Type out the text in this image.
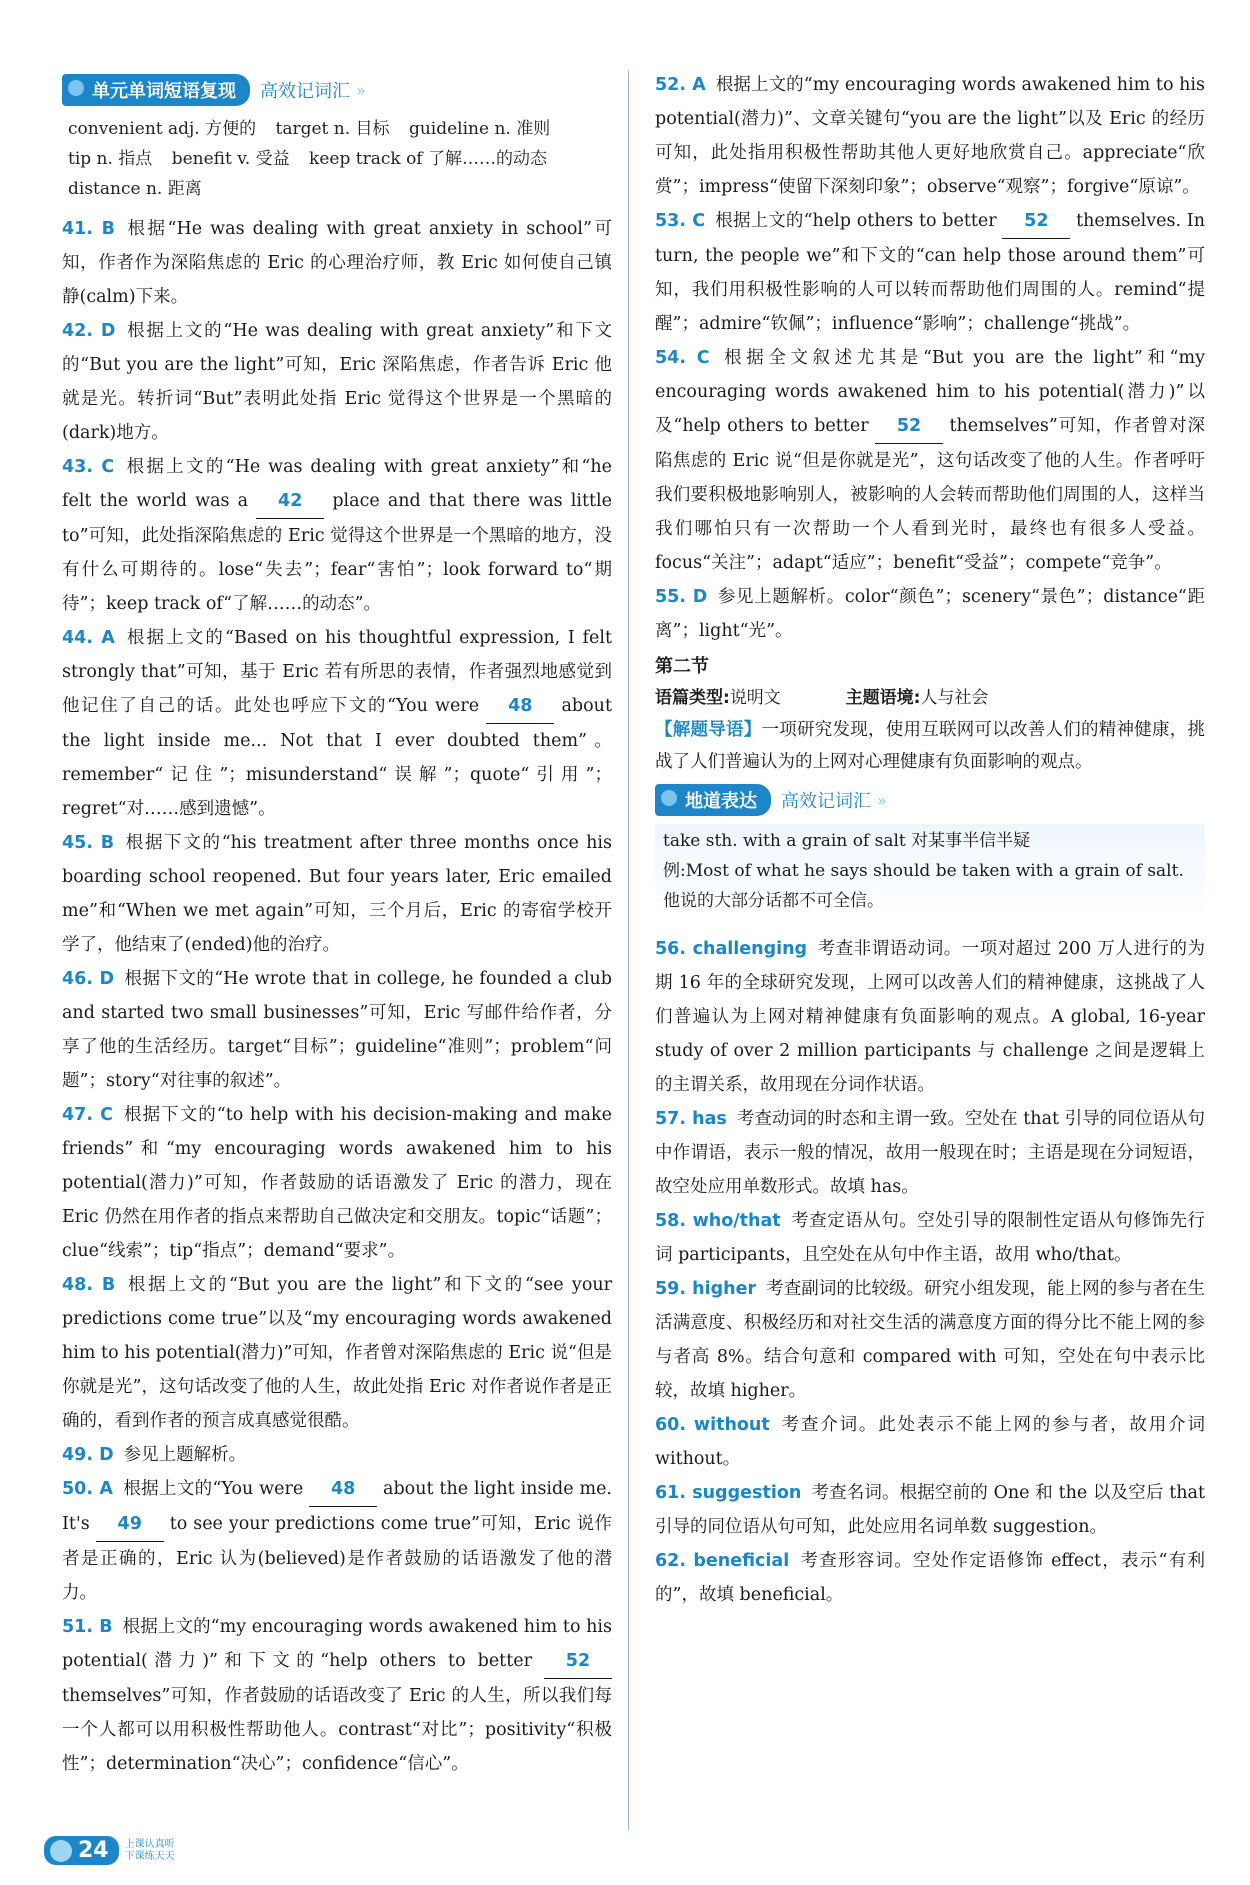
单元单词短语复现	高效记词汇 »
convenient adj. 方便的 target n. 目标 guideline n. 准则
tip n. 指点 benefit v. 受益 keep track of 了解……的动态
distance n. 距离

41. B 根据“He was dealing with great anxiety in school”可知，作者作为深陷焦虑的 Eric 的心理治疗师，教 Eric 如何使自己镇静(calm)下来。

42. D 根据上文的“He was dealing with great anxiety”和下文的“But you are the light”可知，Eric 深陷焦虑，作者告诉 Eric 他就是光。转折词“But”表明此处指 Eric 觉得这个世界是一个黑暗的(dark)地方。

43. C 根据上文的“He was dealing with great anxiety”和“he felt the world was a 42 place and that there was little to”可知，此处指深陷焦虑的 Eric 觉得这个世界是一个黑暗的地方，没有什么可期待的。lose“失去”；fear“害怕”；look forward to“期待”；keep track of“了解……的动态”。

44. A 根据上文的“Based on his thoughtful expression, I felt strongly that”可知，基于 Eric 若有所思的表情，作者强烈地感觉到他记住了自己的话。此处也呼应下文的“You were 48 about the light inside me... Not that I ever doubted them”。remember“记住”；misunderstand“误解”；quote“引用”；regret“对……感到遗憾”。

45. B 根据下文的“his treatment after three months once his boarding school reopened. But four years later, Eric emailed me”和“When we met again”可知，三个月后，Eric 的寄宿学校开学了，他结束了(ended)他的治疗。

46. D 根据下文的“He wrote that in college, he founded a club and started two small businesses”可知，Eric 写邮件给作者，分享了他的生活经历。target“目标”；guideline“准则”；problem“问题”；story“对往事的叙述”。

47. C 根据下文的“to help with his decision-making and make friends”和“my encouraging words awakened him to his potential(潜力)”可知，作者鼓励的话语激发了 Eric 的潜力，现在 Eric 仍然在用作者的指点来帮助自己做决定和交朋友。topic“话题”；clue“线索”；tip“指点”；demand“要求”。

48. B 根据上文的“But you are the light”和下文的“see your predictions come true”以及“my encouraging words awakened him to his potential(潜力)”可知，作者曾对深陷焦虑的 Eric 说“但是你就是光”，这句话改变了他的人生，故此处指 Eric 对作者说作者是正确的，看到作者的预言成真感觉很酷。

49. D 参见上题解析。

50. A 根据上文的“You were 48 about the light inside me. It's 49 to see your predictions come true”可知，Eric 说作者是正确的，Eric 认为(believed)是作者鼓励的话语激发了他的潜力。

51. B 根据上文的“my encouraging words awakened him to his potential(潜力)”和下文的“help others to better 52 themselves”可知，作者鼓励的话语改变了 Eric 的人生，所以我们每一个人都可以用积极性帮助他人。contrast“对比”；positivity“积极性”；determination“决心”；confidence“信心”。

52. A 根据上文的“my encouraging words awakened him to his potential(潜力)”、文章关键句“you are the light”以及 Eric 的经历可知，此处指用积极性帮助其他人更好地欣赏自己。appreciate“欣赏”；impress“使留下深刻印象”；observe“观察”；forgive“原谅”。

53. C 根据上文的“help others to better 52 themselves. In turn, the people we”和下文的“can help those around them”可知，我们用积极性影响的人可以转而帮助他们周围的人。remind“提醒”；admire“钦佩”；influence“影响”；challenge“挑战”。

54. C 根据全文叙述尤其是“But you are the light”和“my encouraging words awakened him to his potential(潜力)”以及“help others to better 52 themselves”可知，作者曾对深陷焦虑的 Eric 说“但是你就是光”，这句话改变了他的人生。作者呼吁我们要积极地影响别人，被影响的人会转而帮助他们周围的人，这样当我们哪怕只有一次帮助一个人看到光时，最终也有很多人受益。focus“关注”；adapt“适应”；benefit“受益”；compete“竞争”。

55. D 参见上题解析。color“颜色”；scenery“景色”；distance“距离”；light“光”。

第二节
语篇类型:说明文	主题语境:人与社会

【解题导语】一项研究发现，使用互联网可以改善人们的精神健康，挑战了人们普遍认为的上网对心理健康有负面影响的观点。

地道表达	高效记词汇 »
take sth. with a grain of salt 对某事半信半疑
例:Most of what he says should be taken with a grain of salt.
他说的大部分话都不可全信。

56. challenging 考查非谓语动词。一项对超过 200 万人进行的为期 16 年的全球研究发现，上网可以改善人们的精神健康，这挑战了人们普遍认为上网对精神健康有负面影响的观点。A global, 16-year study of over 2 million participants 与 challenge 之间是逻辑上的主谓关系，故用现在分词作状语。

57. has 考查动词的时态和主谓一致。空处在 that 引导的同位语从句中作谓语，表示一般的情况，故用一般现在时；主语是现在分词短语，故空处应用单数形式。故填 has。

58. who/that 考查定语从句。空处引导的限制性定语从句修饰先行词 participants，且空处在从句中作主语，故用 who/that。

59. higher 考查副词的比较级。研究小组发现，能上网的参与者在生活满意度、积极经历和对社交生活的满意度方面的得分比不能上网的参与者高 8%。结合句意和 compared with 可知，空处在句中表示比较，故填 higher。

60. without 考查介词。此处表示不能上网的参与者，故用介词 without。

61. suggestion 考查名词。根据空前的 One 和 the 以及空后 that 引导的同位语从句可知，此处应用名词单数 suggestion。

62. beneficial 考查形容词。空处作定语修饰 effect，表示“有利的”，故填 beneficial。

24	上课认真听
下课练天天
